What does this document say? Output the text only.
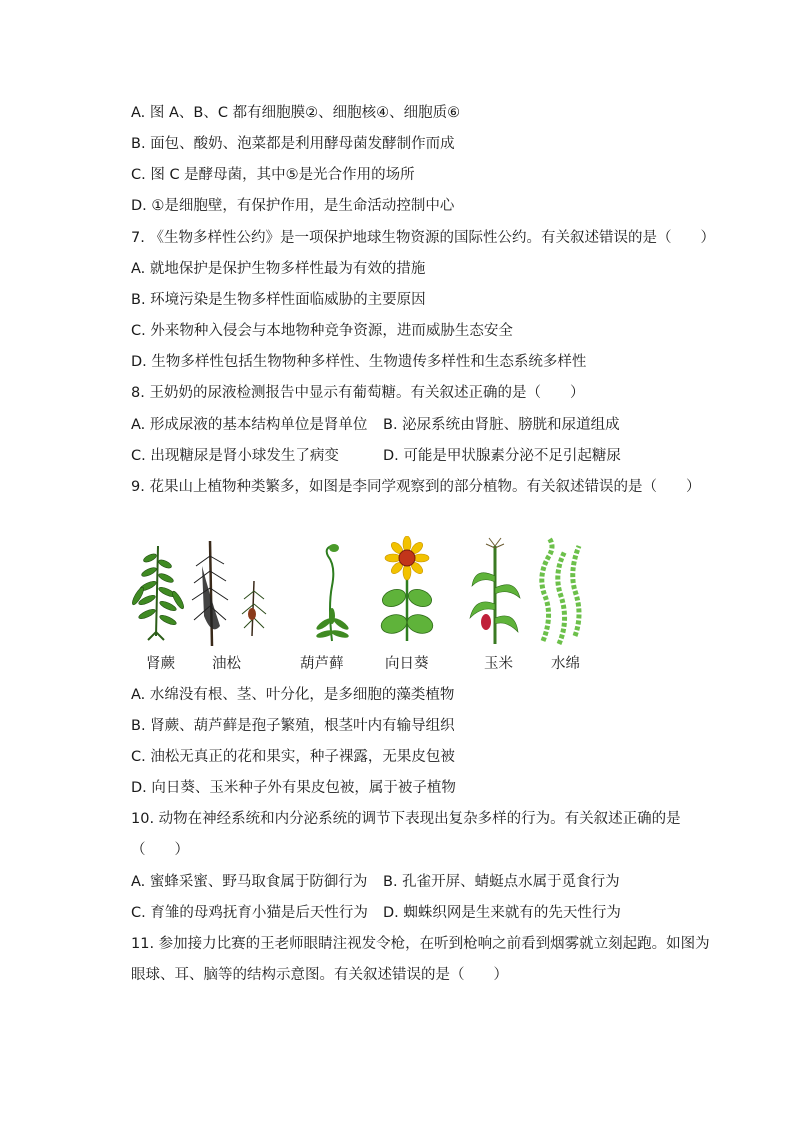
A. 图 A、B、C 都有细胞膜②、细胞核④、细胞质⑥
B. 面包、酸奶、泡菜都是利用酵母菌发酵制作而成
C. 图 C 是酵母菌，其中⑤是光合作用的场所
D. ①是细胞壁，有保护作用，是生命活动控制中心
7. 《生物多样性公约》是一项保护地球生物资源的国际性公约。有关叙述错误的是（　　）
A. 就地保护是保护生物多样性最为有效的措施
B. 环境污染是生物多样性面临威胁的主要原因
C. 外来物种入侵会与本地物种竞争资源，进而威胁生态安全
D. 生物多样性包括生物物种多样性、生物遗传多样性和生态系统多样性
8. 王奶奶的尿液检测报告中显示有葡萄糖。有关叙述正确的是（　　）
A. 形成尿液的基本结构单位是肾单位 B. 泌尿系统由肾脏、膀胱和尿道组成
C. 出现糖尿是肾小球发生了病变	D. 可能是甲状腺素分泌不足引起糖尿
9. 花果山上植物种类繁多，如图是李同学观察到的部分植物。有关叙述错误的是（　　）
肾蕨	油松	葫芦藓	向日葵	玉米	水绵
A. 水绵没有根、茎、叶分化，是多细胞的藻类植物
B. 肾蕨、葫芦藓是孢子繁殖，根茎叶内有输导组织
C. 油松无真正的花和果实，种子裸露，无果皮包被
D. 向日葵、玉米种子外有果皮包被，属于被子植物
10. 动物在神经系统和内分泌系统的调节下表现出复杂多样的行为。有关叙述正确的是
（　　）
A. 蜜蜂采蜜、野马取食属于防御行为 B. 孔雀开屏、蜻蜓点水属于觅食行为
C. 育雏的母鸡抚育小猫是后天性行为 D. 蜘蛛织网是生来就有的先天性行为
11. 参加接力比赛的王老师眼睛注视发令枪，在听到枪响之前看到烟雾就立刻起跑。如图为
眼球、耳、脑等的结构示意图。有关叙述错误的是（　　）
